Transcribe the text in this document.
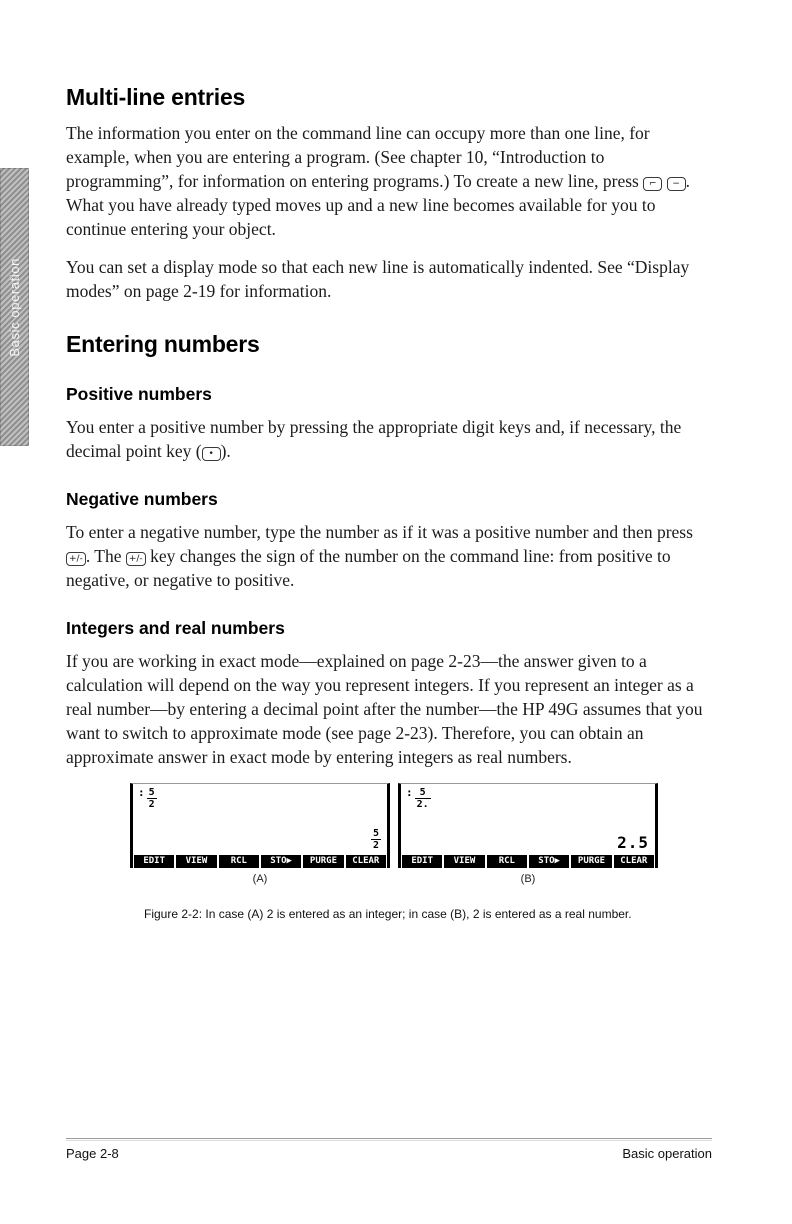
Basic operation
Multi-line entries

The information you enter on the command line can occupy more than one line, for example, when you are entering a program. (See chapter 10, “Introduction to programming”, for information on entering programs.) To create a new line, press ⌐ − . What you have already typed moves up and a new line becomes available for you to continue entering your object.

You can set a display mode so that each new line is automatically indented. See “Display modes” on page 2-19 for information.

Entering numbers
Positive numbers

You enter a positive number by pressing the appropriate digit keys and, if necessary, the decimal point key ( • ).

Negative numbers

To enter a negative number, type the number as if it was a positive number and then press +/- . The +/- key changes the sign of the number on the command line: from positive to negative, or negative to positive.

Integers and real numbers

If you are working in exact mode—explained on page 2-23—the answer given to a calculation will depend on the way you represent integers. If you represent an integer as a real number—by entering a decimal point after the number—the HP 49G assumes that you want to switch to approximate mode (see page 2-23). Therefore, you can obtain an approximate answer in exact mode by entering integers as real numbers.

: $\frac{5}{2}$
$\frac{5}{2}$
EDIT	VIEW	RCL	STO▶	PURGE	CLEAR
(A)
: $\frac{5}{2.}$
2.5
EDIT	VIEW	RCL	STO▶	PURGE	CLEAR
(B)
Figure 2-2: In case (A) 2 is entered as an integer; in case (B), 2 is entered as a real number.
Page 2-8	Basic operation
